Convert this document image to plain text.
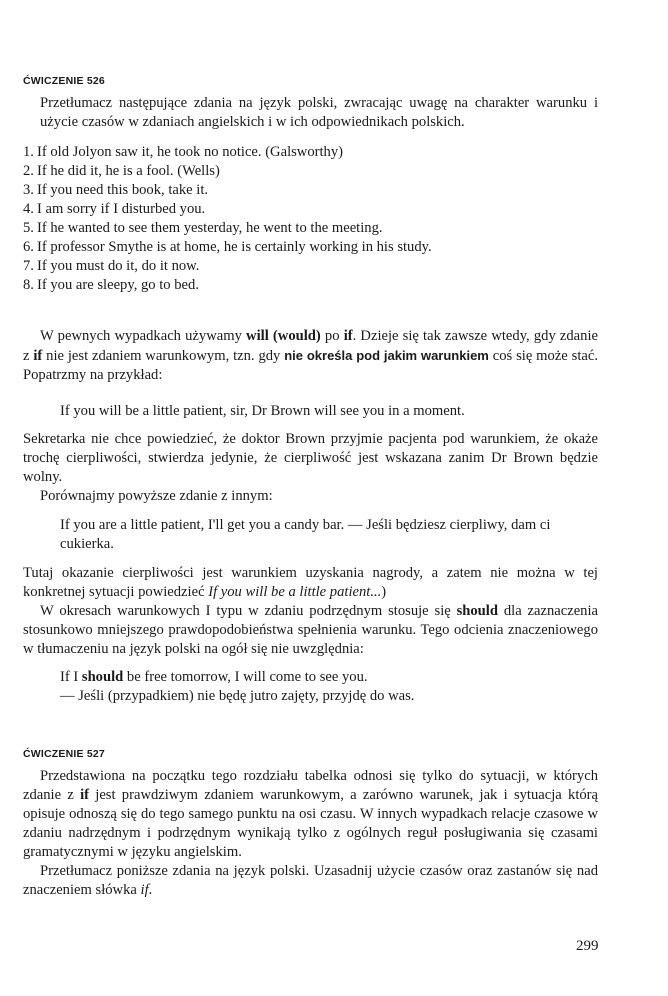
ĆWICZENIE 526

Przetłumacz następujące zdania na język polski, zwracając uwagę na charakter warunku i użycie czasów w zdaniach angielskich i w ich odpowiednikach polskich.

1. If old Jolyon saw it, he took no notice. (Galsworthy)
2. If he did it, he is a fool. (Wells)
3. If you need this book, take it.
4. I am sorry if I disturbed you.
5. If he wanted to see them yesterday, he went to the meeting.
6. If professor Smythe is at home, he is certainly working in his study.
7. If you must do it, do it now.
8. If you are sleepy, go to bed.

W pewnych wypadkach używamy will (would) po if. Dzieje się tak zawsze wtedy, gdy zdanie z if nie jest zdaniem warunkowym, tzn. gdy nie określa pod jakim warunkiem coś się może stać. Popatrzmy na przykład:

If you will be a little patient, sir, Dr Brown will see you in a moment.

Sekretarka nie chce powiedzieć, że doktor Brown przyjmie pacjenta pod warunkiem, że okaże trochę cierpliwości, stwierdza jedynie, że cierpliwość jest wskazana zanim Dr Brown będzie wolny.

Porównajmy powyższe zdanie z innym:

If you are a little patient, I'll get you a candy bar. — Jeśli będziesz cierpliwy, dam ci cukierka.

Tutaj okazanie cierpliwości jest warunkiem uzyskania nagrody, a zatem nie można w tej konkretnej sytuacji powiedzieć If you will be a little patient...)

W okresach warunkowych I typu w zdaniu podrzędnym stosuje się should dla zaznaczenia stosunkowo mniejszego prawdopodobieństwa spełnienia warunku. Tego odcienia znaczeniowego w tłumaczeniu na język polski na ogół się nie uwzględnia:

If I should be free tomorrow, I will come to see you.

— Jeśli (przypadkiem) nie będę jutro zajęty, przyjdę do was.

ĆWICZENIE 527

Przedstawiona na początku tego rozdziału tabelka odnosi się tylko do sytuacji, w których zdanie z if jest prawdziwym zdaniem warunkowym, a zarówno warunek, jak i sytuacja którą opisuje odnoszą się do tego samego punktu na osi czasu. W innych wypadkach relacje czasowe w zdaniu nadrzędnym i podrzędnym wynikają tylko z ogólnych reguł posługiwania się czasami gramatycznymi w języku angielskim.

Przetłumacz poniższe zdania na język polski. Uzasadnij użycie czasów oraz zastanów się nad znaczeniem słówka if.

299
